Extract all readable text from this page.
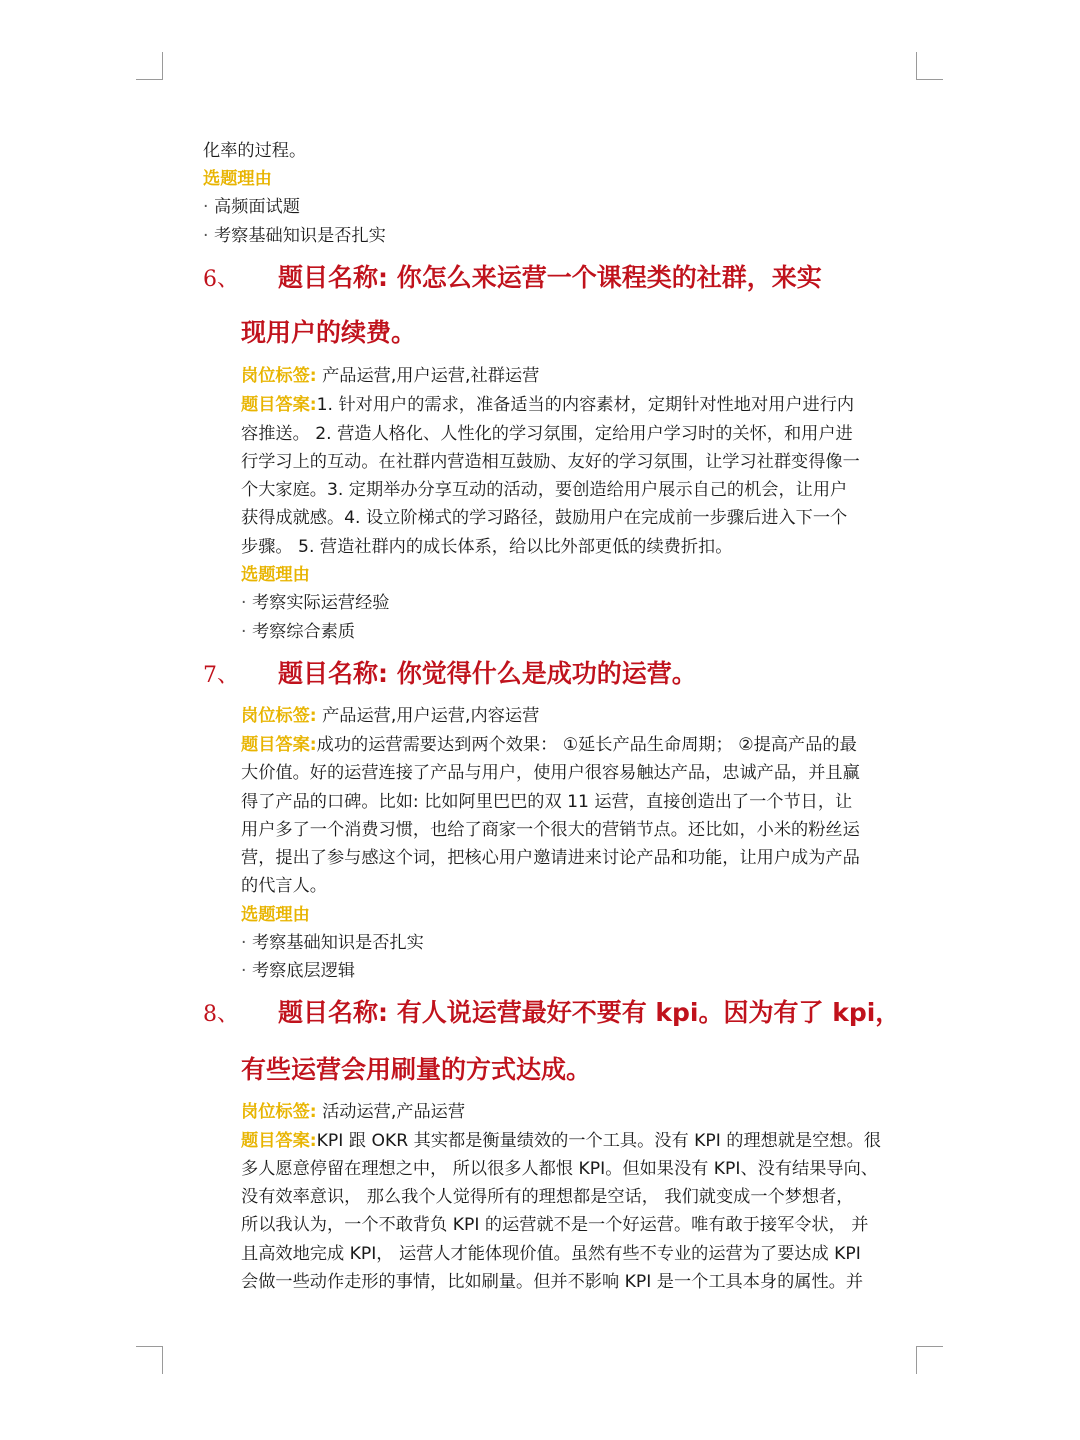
化率的过程。
选题理由
· 高频面试题
· 考察基础知识是否扎实
6、 题目名称: 你怎么来运营一个课程类的社群，来实
现用户的续费。
岗位标签: 产品运营,用户运营,社群运营
题目答案:1. 针对用户的需求，准备适当的内容素材，定期针对性地对用户进行内
容推送。 2. 营造人格化、人性化的学习氛围，定给用户学习时的关怀，和用户进
行学习上的互动。在社群内营造相互鼓励、友好的学习氛围，让学习社群变得像一
个大家庭。3. 定期举办分享互动的活动，要创造给用户展示自己的机会，让用户
获得成就感。4. 设立阶梯式的学习路径，鼓励用户在完成前一步骤后进入下一个
步骤。 5. 营造社群内的成长体系，给以比外部更低的续费折扣。
选题理由
· 考察实际运营经验
· 考察综合素质
7、 题目名称: 你觉得什么是成功的运营。
岗位标签: 产品运营,用户运营,内容运营
题目答案:成功的运营需要达到两个效果： ①延长产品生命周期； ②提高产品的最
大价值。好的运营连接了产品与用户，使用户很容易触达产品，忠诚产品，并且赢
得了产品的口碑。比如: 比如阿里巴巴的双 11 运营，直接创造出了一个节日，让
用户多了一个消费习惯，也给了商家一个很大的营销节点。还比如，小米的粉丝运
营，提出了参与感这个词，把核心用户邀请进来讨论产品和功能，让用户成为产品
的代言人。
选题理由
· 考察基础知识是否扎实
· 考察底层逻辑
8、 题目名称: 有人说运营最好不要有 kpi。因为有了 kpi，
有些运营会用刷量的方式达成。
岗位标签: 活动运营,产品运营
题目答案:KPI 跟 OKR 其实都是衡量绩效的一个工具。没有 KPI 的理想就是空想。很
多人愿意停留在理想之中， 所以很多人都恨 KPI。但如果没有 KPI、没有结果导向、
没有效率意识， 那么我个人觉得所有的理想都是空话， 我们就变成一个梦想者，
所以我认为，一个不敢背负 KPI 的运营就不是一个好运营。唯有敢于接军令状， 并
且高效地完成 KPI， 运营人才能体现价值。虽然有些不专业的运营为了要达成 KPI
会做一些动作走形的事情，比如刷量。但并不影响 KPI 是一个工具本身的属性。并
